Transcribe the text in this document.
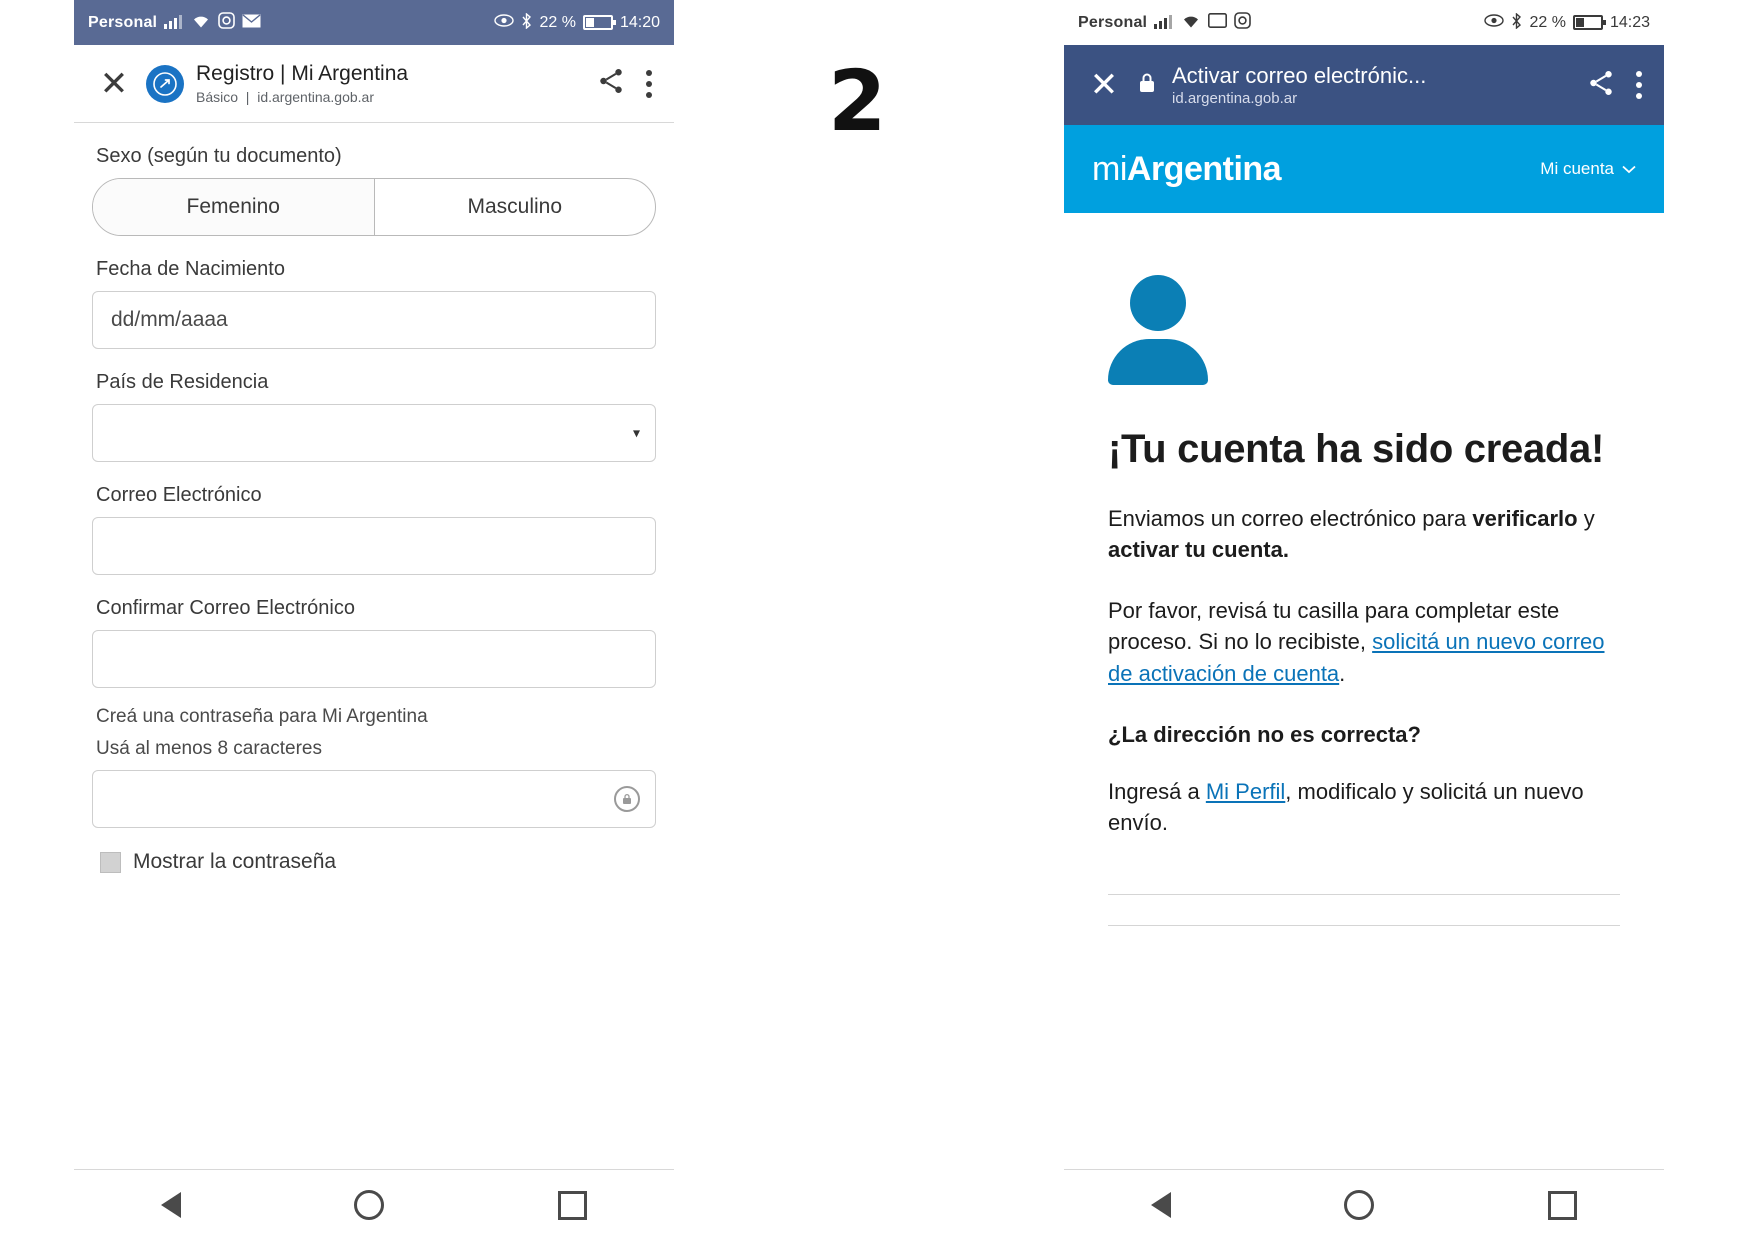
Personal	22 %	14:20
✕	Registro | Mi Argentina
Básico  |  id.argentina.gob.ar
Sexo (según tu documento)
Femenino	Masculino
Fecha de Nacimiento
dd/mm/aaaa
País de Residencia
▾
Correo Electrónico
Confirmar Correo Electrónico
Creá una contraseña para Mi Argentina
Usá al menos 8 caracteres
Mostrar la contraseña
2
Personal	22 %	14:23
✕ Activar correo electrónic...
id.argentina.gob.ar
miArgentina	Mi cuenta
¡Tu cuenta ha sido creada!
Enviamos un correo electrónico para verificarlo y activar tu cuenta.
Por favor, revisá tu casilla para completar este proceso. Si no lo recibiste, solicitá un nuevo correo de activación de cuenta.
¿La dirección no es correcta?
Ingresá a Mi Perfil, modificalo y solicitá un nuevo envío.
